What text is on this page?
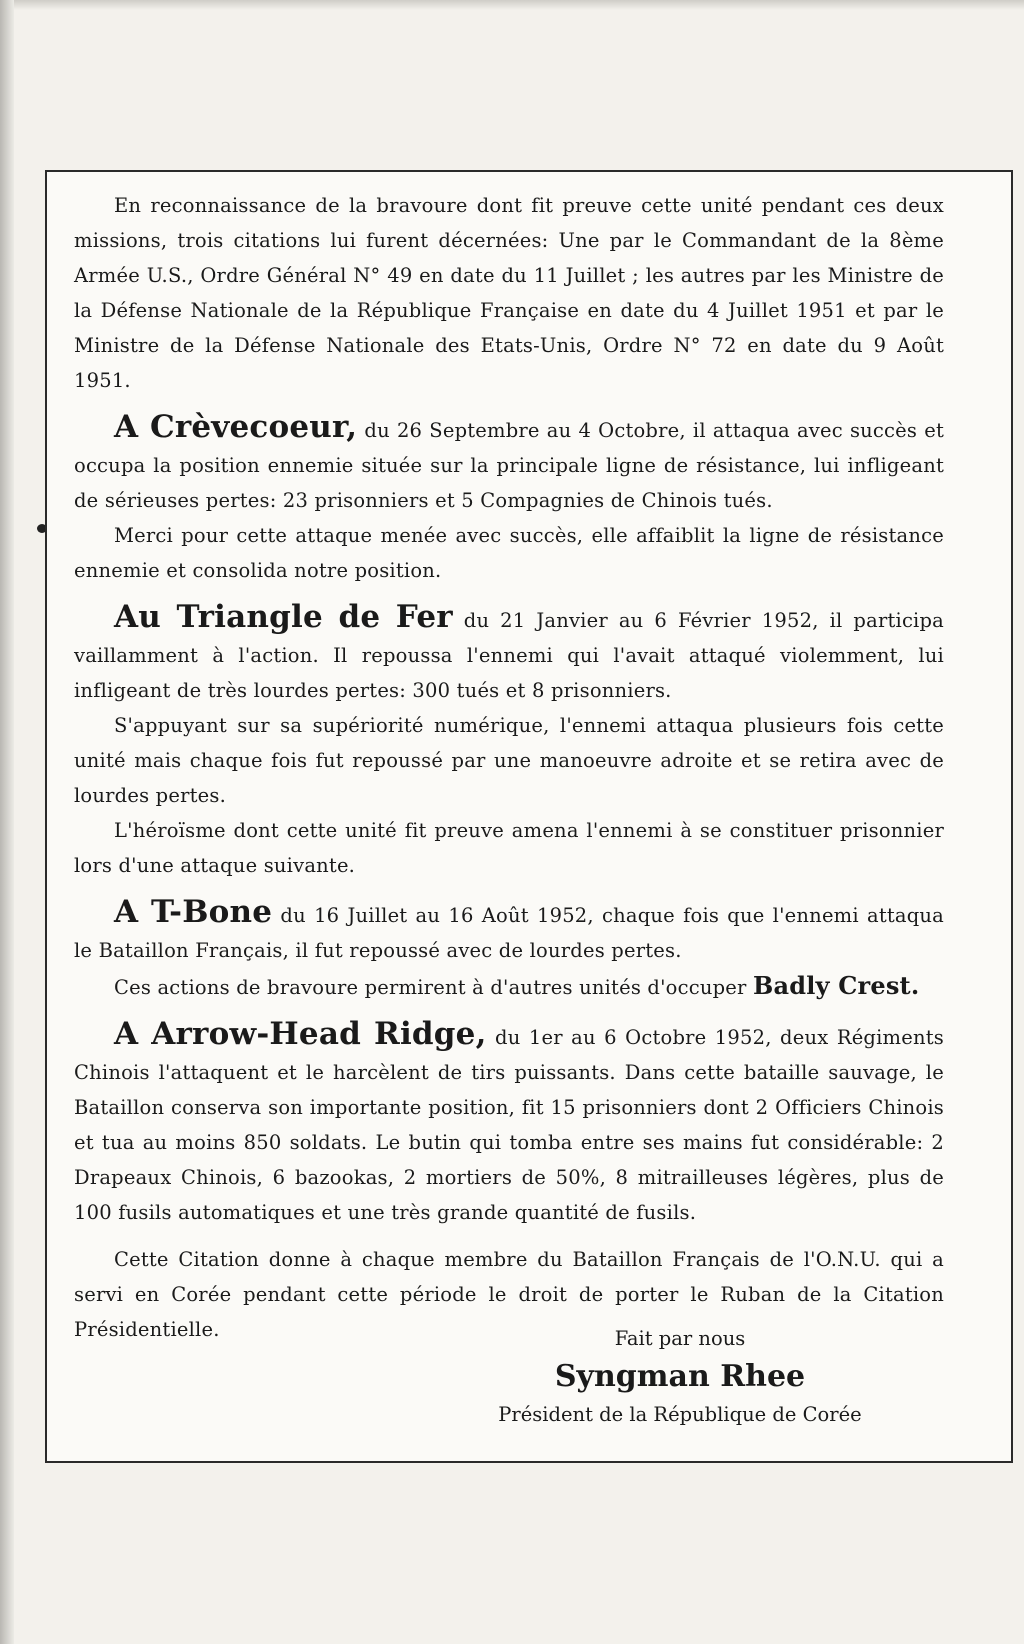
En reconnaissance de la bravoure dont fit preuve cette unité pendant ces deux missions, trois citations lui furent décernées: Une par le Commandant de la 8ème Armée U.S., Ordre Général N° 49 en date du 11 Juillet ; les autres par les Ministre de la Défense Nationale de la République Française en date du 4 Juillet 1951 et par le Ministre de la Défense Nationale des Etats-Unis, Ordre N° 72 en date du 9 Août 1951.

A Crèvecoeur, du 26 Septembre au 4 Octobre, il attaqua avec succès et occupa la position ennemie située sur la principale ligne de résistance, lui infligeant de sérieuses pertes: 23 prisonniers et 5 Compagnies de Chinois tués.

Merci pour cette attaque menée avec succès, elle affaiblit la ligne de résistance ennemie et consolida notre position.

Au Triangle de Fer du 21 Janvier au 6 Février 1952, il participa vaillamment à l'action. Il repoussa l'ennemi qui l'avait attaqué violemment, lui infligeant de très lourdes pertes: 300 tués et 8 prisonniers.

S'appuyant sur sa supériorité numérique, l'ennemi attaqua plusieurs fois cette unité mais chaque fois fut repoussé par une manoeuvre adroite et se retira avec de lourdes pertes.

L'héroïsme dont cette unité fit preuve amena l'ennemi à se constituer prisonnier lors d'une attaque suivante.

A T-Bone du 16 Juillet au 16 Août 1952, chaque fois que l'ennemi attaqua le Bataillon Français, il fut repoussé avec de lourdes pertes.

Ces actions de bravoure permirent à d'autres unités d'occuper Badly Crest.

A Arrow-Head Ridge, du 1er au 6 Octobre 1952, deux Régiments Chinois l'attaquent et le harcèlent de tirs puissants. Dans cette bataille sauvage, le Bataillon conserva son importante position, fit 15 prisonniers dont 2 Officiers Chinois et tua au moins 850 soldats. Le butin qui tomba entre ses mains fut considérable: 2 Drapeaux Chinois, 6 bazookas, 2 mortiers de 50%, 8 mitrailleuses légères, plus de 100 fusils automatiques et une très grande quantité de fusils.

Cette Citation donne à chaque membre du Bataillon Français de l'O.N.U. qui a servi en Corée pendant cette période le droit de porter le Ruban de la Citation Présidentielle.	Fait par nous
Syngman Rhee
Président de la République de Corée
